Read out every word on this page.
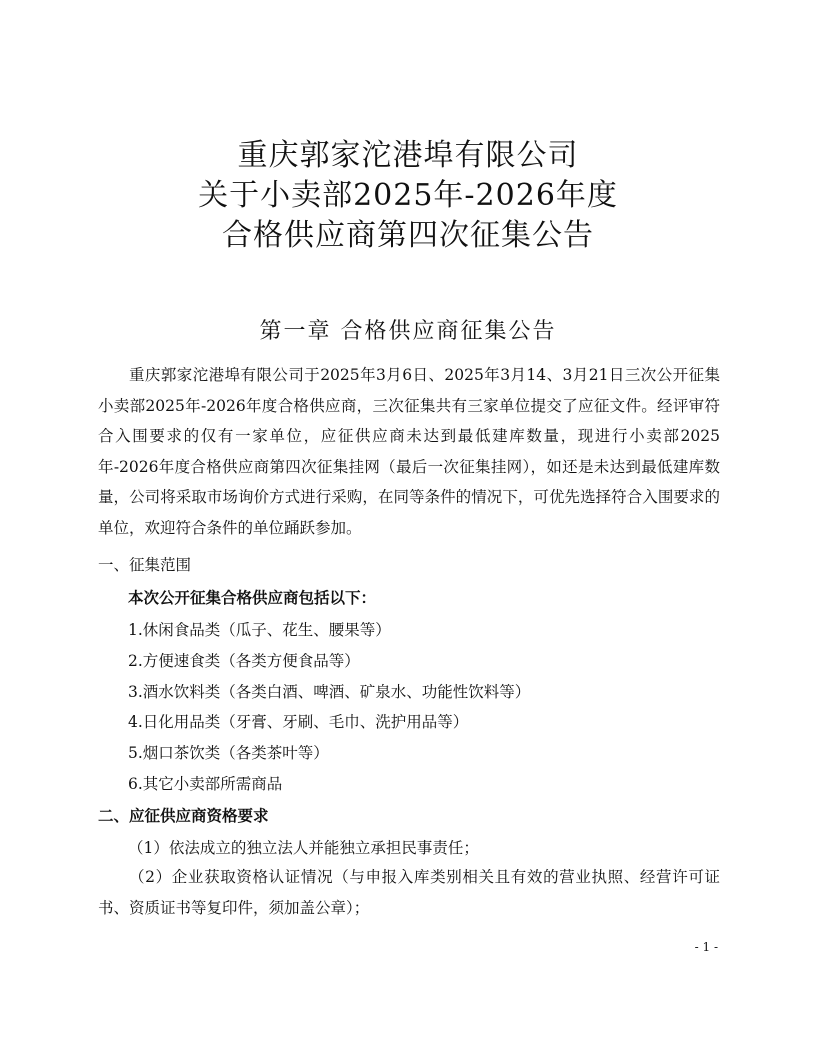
重庆郭家沱港埠有限公司
关于小卖部2025年-2026年度
合格供应商第四次征集公告
第一章 合格供应商征集公告

重庆郭家沱港埠有限公司于2025年3月6日、2025年3月14、3月21日三次公开征集小卖部2025年-2026年度合格供应商，三次征集共有三家单位提交了应征文件。经评审符合入围要求的仅有一家单位，应征供应商未达到最低建库数量，现进行小卖部2025年-2026年度合格供应商第四次征集挂网（最后一次征集挂网），如还是未达到最低建库数量，公司将采取市场询价方式进行采购，在同等条件的情况下，可优先选择符合入围要求的单位，欢迎符合条件的单位踊跃参加。

一、征集范围

本次公开征集合格供应商包括以下：

1.休闲食品类（瓜子、花生、腰果等）

2.方便速食类（各类方便食品等）

3.酒水饮料类（各类白酒、啤酒、矿泉水、功能性饮料等）

4.日化用品类（牙膏、牙刷、毛巾、洗护用品等）

5.烟口茶饮类（各类茶叶等）

6.其它小卖部所需商品

二、应征供应商资格要求

（1）依法成立的独立法人并能独立承担民事责任；

（2）企业获取资格认证情况（与申报入库类别相关且有效的营业执照、经营许可证书、资质证书等复印件，须加盖公章）；

- 1 -
